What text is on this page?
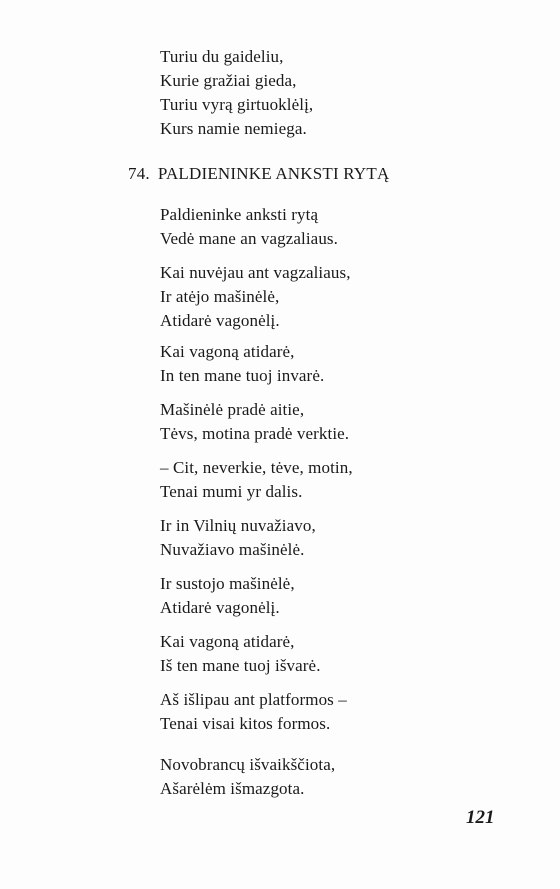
Turiu du gaideliu,
Kurie gražiai gieda,
Turiu vyrą girtuoklėlį,
Kurs namie nemiega.
74. PALDIENINKE ANKSTI RYTĄ
Paldieninke anksti rytą
Vedė mane an vagzaliaus.
Kai nuvėjau ant vagzaliaus,
Ir atėjo mašinėlė,
Atidarė vagonėlį.
Kai vagoną atidarė,
In ten mane tuoj invarė.
Mašinėlė pradė aitie,
Tėvs, motina pradė verktie.
– Cit, neverkie, tėve, motin,
Tenai mumi yr dalis.
Ir in Vilnių nuvažiavo,
Nuvažiavo mašinėlė.
Ir sustojo mašinėlė,
Atidarė vagonėlį.
Kai vagoną atidarė,
Iš ten mane tuoj išvarė.
Aš išlipau ant platformos –
Tenai visai kitos formos.
Novobrancų išvaikščiota,
Ašarėlėm išmazgota.
121
